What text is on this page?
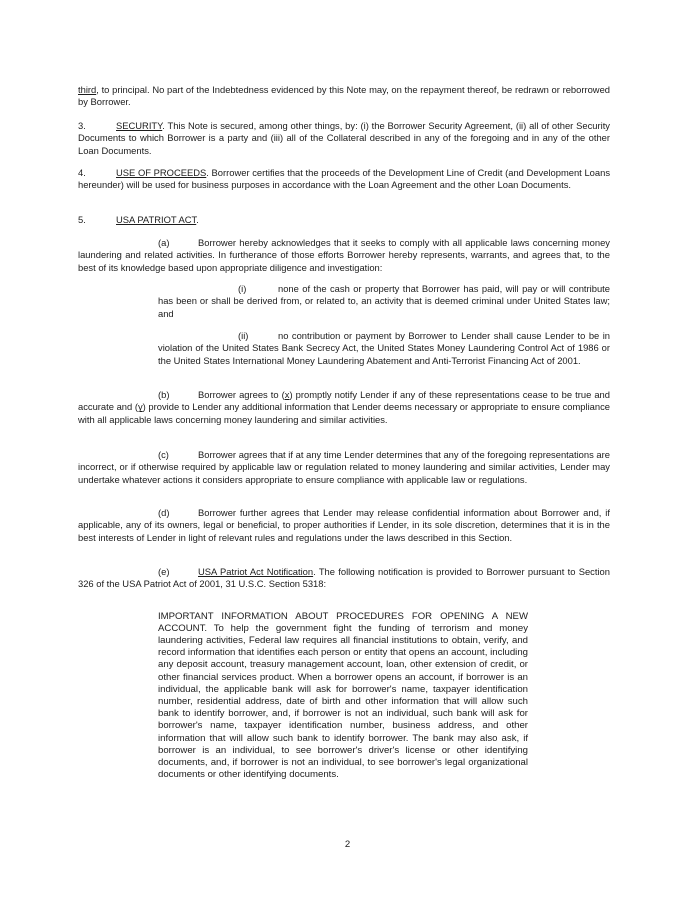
third, to principal. No part of the Indebtedness evidenced by this Note may, on the repayment thereof, be redrawn or reborrowed by Borrower.

3.	SECURITY. This Note is secured, among other things, by: (i) the Borrower Security Agreement, (ii) all of other Security Documents to which Borrower is a party and (iii) all of the Collateral described in any of the foregoing and in any of the other Loan Documents.

4.	USE OF PROCEEDS. Borrower certifies that the proceeds of the Development Line of Credit (and Development Loans hereunder) will be used for business purposes in accordance with the Loan Agreement and the other Loan Documents.

5.	USA PATRIOT ACT.

(a)	Borrower hereby acknowledges that it seeks to comply with all applicable laws concerning money laundering and related activities. In furtherance of those efforts Borrower hereby represents, warrants, and agrees that, to the best of its knowledge based upon appropriate diligence and investigation:

(i)	none of the cash or property that Borrower has paid, will pay or will contribute has been or shall be derived from, or related to, an activity that is deemed criminal under United States law; and

(ii)	no contribution or payment by Borrower to Lender shall cause Lender to be in violation of the United States Bank Secrecy Act, the United States Money Laundering Control Act of 1986 or the United States International Money Laundering Abatement and Anti-Terrorist Financing Act of 2001.

(b)	Borrower agrees to (x) promptly notify Lender if any of these representations cease to be true and accurate and (y) provide to Lender any additional information that Lender deems necessary or appropriate to ensure compliance with all applicable laws concerning money laundering and similar activities.

(c)	Borrower agrees that if at any time Lender determines that any of the foregoing representations are incorrect, or if otherwise required by applicable law or regulation related to money laundering and similar activities, Lender may undertake whatever actions it considers appropriate to ensure compliance with applicable law or regulations.

(d)	Borrower further agrees that Lender may release confidential information about Borrower and, if applicable, any of its owners, legal or beneficial, to proper authorities if Lender, in its sole discretion, determines that it is in the best interests of Lender in light of relevant rules and regulations under the laws described in this Section.

(e)	USA Patriot Act Notification. The following notification is provided to Borrower pursuant to Section 326 of the USA Patriot Act of 2001, 31 U.S.C. Section 5318:

IMPORTANT INFORMATION ABOUT PROCEDURES FOR OPENING A NEW ACCOUNT. To help the government fight the funding of terrorism and money laundering activities, Federal law requires all financial institutions to obtain, verify, and record information that identifies each person or entity that opens an account, including any deposit account, treasury management account, loan, other extension of credit, or other financial services product. When a borrower opens an account, if borrower is an individual, the applicable bank will ask for borrower's name, taxpayer identification number, residential address, date of birth and other information that will allow such bank to identify borrower, and, if borrower is not an individual, such bank will ask for borrower's name, taxpayer identification number, business address, and other information that will allow such bank to identify borrower. The bank may also ask, if borrower is an individual, to see borrower's driver's license or other identifying documents, and, if borrower is not an individual, to see borrower's legal organizational documents or other identifying documents.

2
